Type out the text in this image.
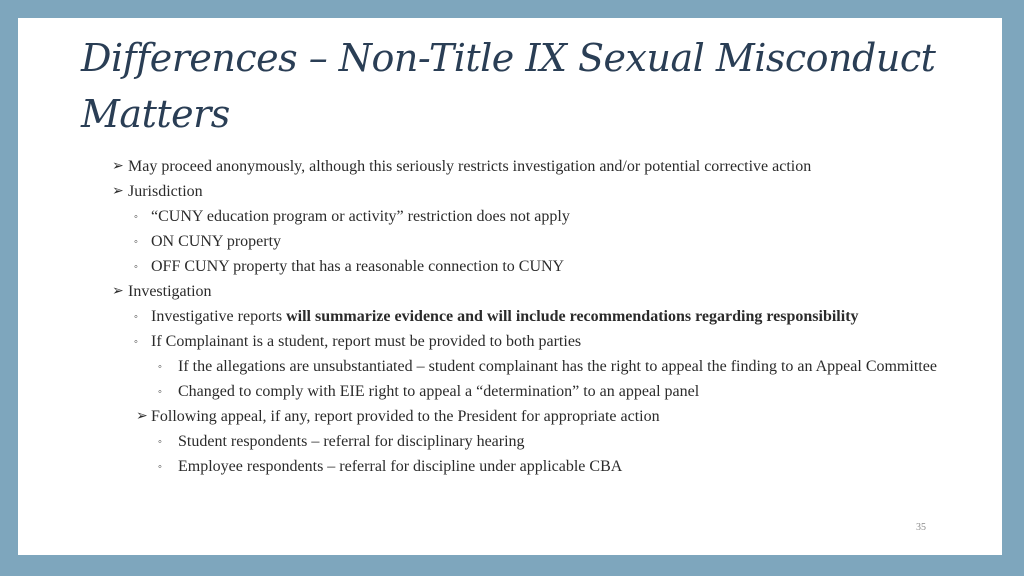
Differences – Non-Title IX Sexual Misconduct Matters
➢ May proceed anonymously, although this seriously restricts investigation and/or potential corrective action
➢ Jurisdiction
◦ “CUNY education program or activity” restriction does not apply
◦ ON CUNY property
◦ OFF CUNY property that has a reasonable connection to CUNY
➢ Investigation
◦ Investigative reports will summarize evidence and will include recommendations regarding responsibility
◦ If Complainant is a student, report must be provided to both parties
◦ If the allegations are unsubstantiated – student complainant has the right to appeal the finding to an Appeal Committee
◦ Changed to comply with EIE right to appeal a “determination” to an appeal panel
➢ Following appeal, if any, report provided to the President for appropriate action
◦ Student respondents – referral for disciplinary hearing
◦ Employee respondents – referral for discipline under applicable CBA
35
